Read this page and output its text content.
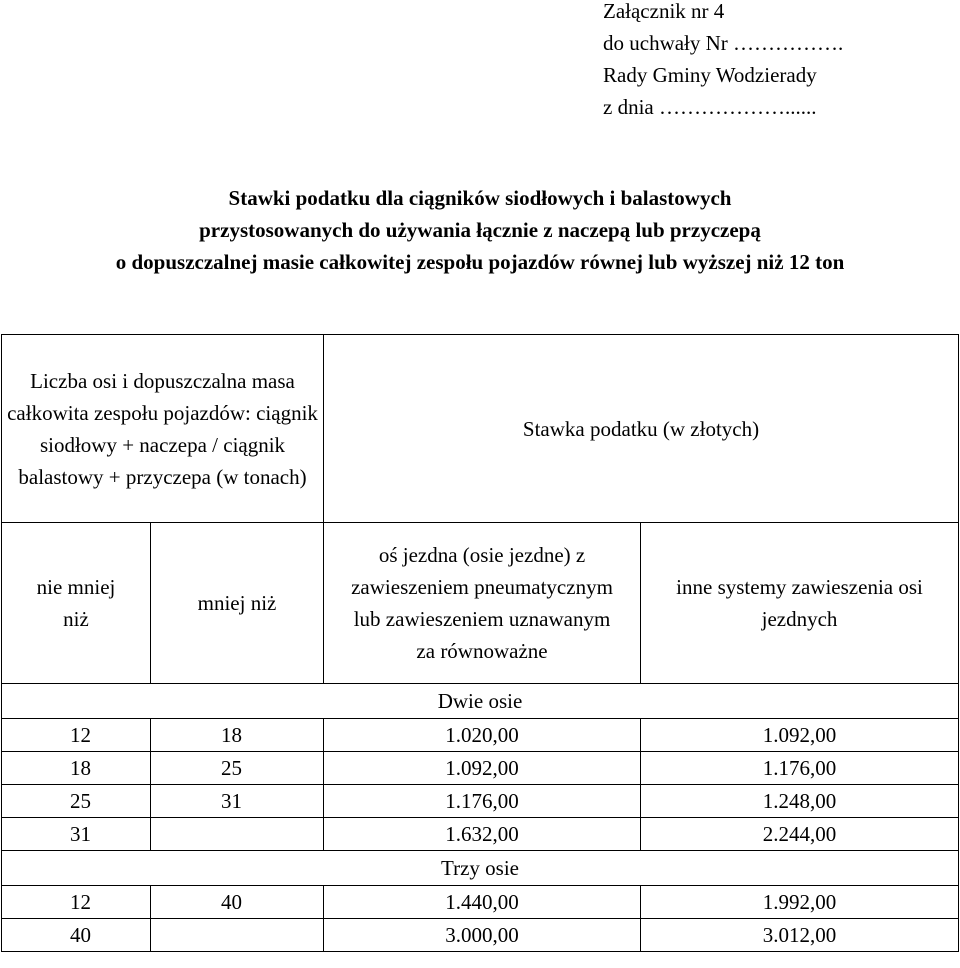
Załącznik nr 4
do uchwały Nr …………….
Rady Gminy Wodzierady
z dnia ………………......
Stawki podatku dla ciągników siodłowych i balastowych
przystosowanych do używania łącznie z naczepą lub przyczepą
o dopuszczalnej masie całkowitej zespołu pojazdów równej lub wyższej niż 12 ton
Liczba osi i dopuszczalna masa całkowita zespołu pojazdów: ciągnik siodłowy + naczepa / ciągnik balastowy + przyczepa (w tonach)		Stawka podatku (w złotych)	
nie mniej niż	mniej niż	oś jezdna (osie jezdne) z zawieszeniem pneumatycznym lub zawieszeniem uznawanym za równoważne	inne systemy zawieszenia osi jezdnych
Dwie osie			
12	18	1.020,00	1.092,00
18	25	1.092,00	1.176,00
25	31	1.176,00	1.248,00
31		1.632,00	2.244,00
Trzy osie			
12	40	1.440,00	1.992,00
40		3.000,00	3.012,00
